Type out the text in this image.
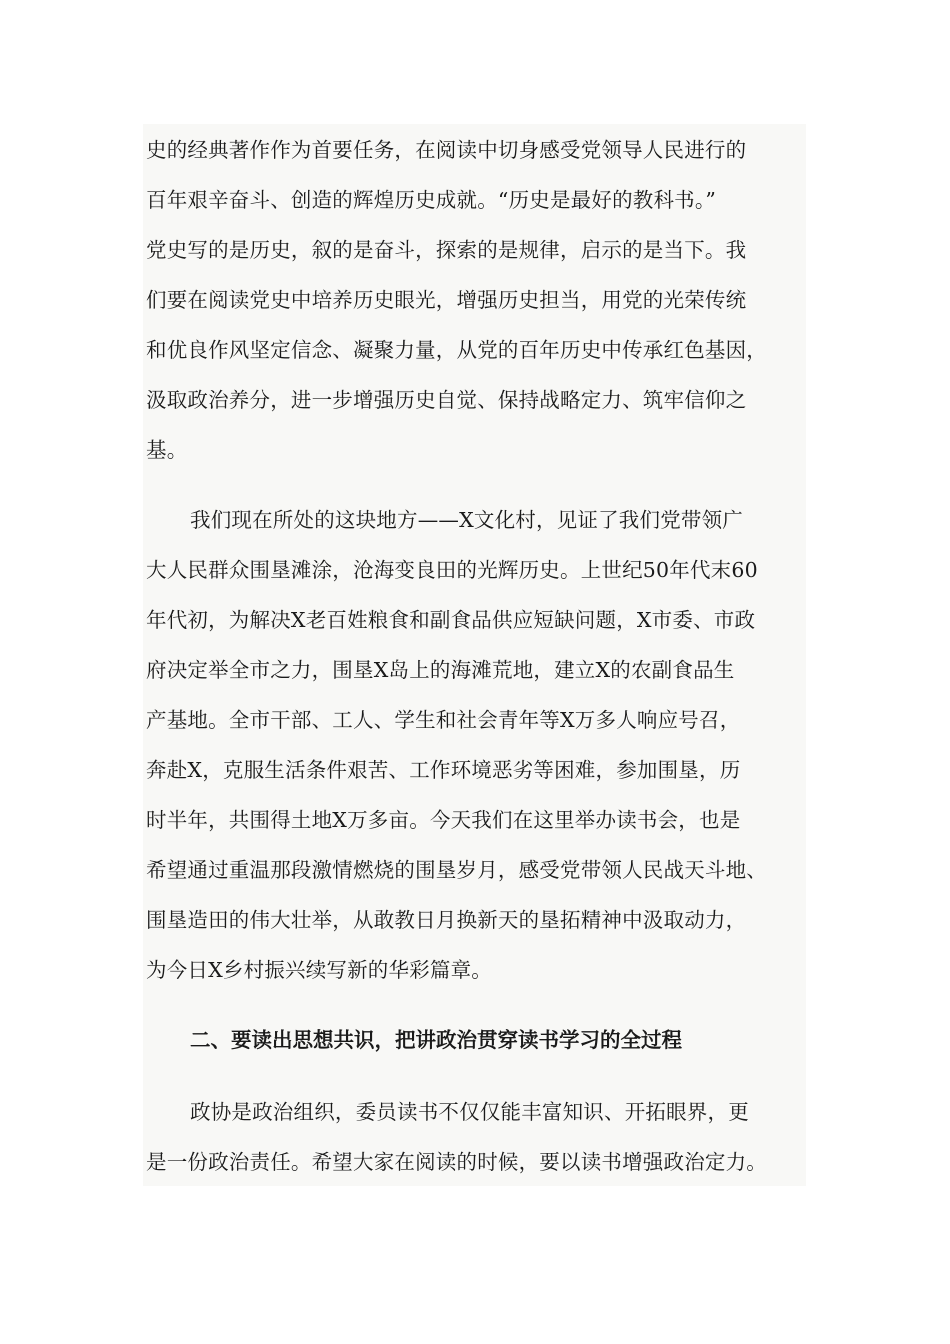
史的经典著作作为首要任务，在阅读中切身感受党领导人民进行的
百年艰辛奋斗、创造的辉煌历史成就。“历史是最好的教科书。”
党史写的是历史，叙的是奋斗，探索的是规律，启示的是当下。我
们要在阅读党史中培养历史眼光，增强历史担当，用党的光荣传统
和优良作风坚定信念、凝聚力量，从党的百年历史中传承红色基因，
汲取政治养分，进一步增强历史自觉、保持战略定力、筑牢信仰之
基。
我们现在所处的这块地方——X文化村，见证了我们党带领广
大人民群众围垦滩涂，沧海变良田的光辉历史。上世纪50年代末60
年代初，为解决X老百姓粮食和副食品供应短缺问题，X市委、市政
府决定举全市之力，围垦X岛上的海滩荒地，建立X的农副食品生
产基地。全市干部、工人、学生和社会青年等X万多人响应号召，
奔赴X，克服生活条件艰苦、工作环境恶劣等困难，参加围垦，历
时半年，共围得土地X万多亩。今天我们在这里举办读书会，也是
希望通过重温那段激情燃烧的围垦岁月，感受党带领人民战天斗地、
围垦造田的伟大壮举，从敢教日月换新天的垦拓精神中汲取动力，
为今日X乡村振兴续写新的华彩篇章。
二、要读出思想共识，把讲政治贯穿读书学习的全过程
政协是政治组织，委员读书不仅仅能丰富知识、开拓眼界，更
是一份政治责任。希望大家在阅读的时候，要以读书增强政治定力。
